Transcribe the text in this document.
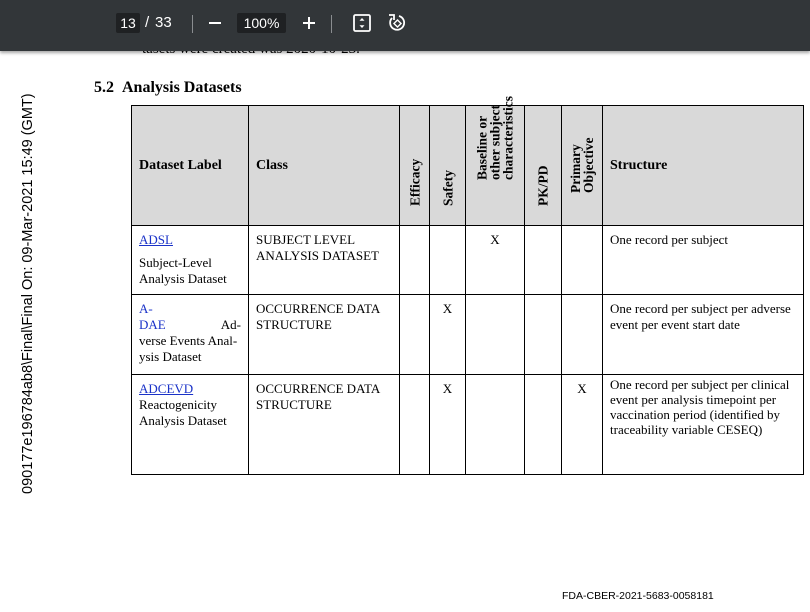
13 / 33	100%
090177e196784ab8\Final\Final On: 09-Mar-2021 15:49 (GMT)
5.2 Analysis Datasets
Dataset Label	Class	Efficacy	Safety	Baseline or
other subject
characteristics	PK/PD	Primary
Objective	Structure
ADSL

Subject-Level Analysis Dataset	SUBJECT LEVEL ANALYSIS DATASET			X			One record per subject
A-

DAE Ad-
verse Events Anal-
ysis Dataset	OCCURRENCE DATA STRUCTURE		X				One record per subject per adverse event per event start date
ADCEVD
Reactogenicity Analysis Dataset	OCCURRENCE DATA STRUCTURE		X			X	One record per subject per clinical event per analysis timepoint per vaccination period (identified by traceability variable CESEQ)
FDA-CBER-2021-5683-0058181
